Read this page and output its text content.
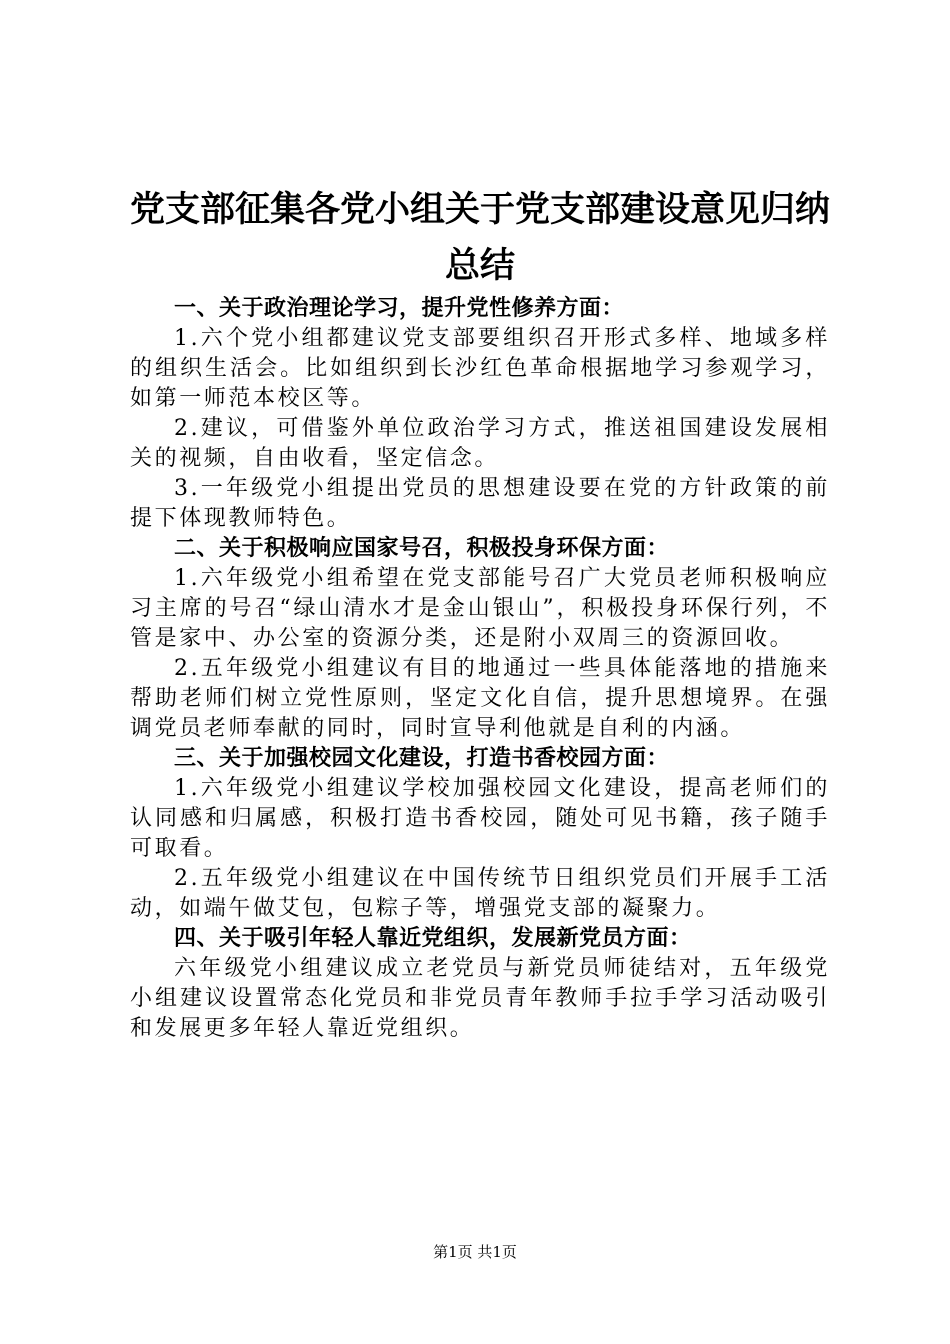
党支部征集各党小组关于党支部建设意见归纳总结

一、关于政治理论学习，提升党性修养方面：

1.六个党小组都建议党支部要组织召开形式多样、地域多样的组织生活会。比如组织到长沙红色革命根据地学习参观学习，如第一师范本校区等。

2.建议，可借鉴外单位政治学习方式，推送祖国建设发展相关的视频，自由收看，坚定信念。

3.一年级党小组提出党员的思想建设要在党的方针政策的前提下体现教师特色。

二、关于积极响应国家号召，积极投身环保方面：

1.六年级党小组希望在党支部能号召广大党员老师积极响应习主席的号召“绿山清水才是金山银山”，积极投身环保行列，不管是家中、办公室的资源分类，还是附小双周三的资源回收。

2.五年级党小组建议有目的地通过一些具体能落地的措施来帮助老师们树立党性原则，坚定文化自信，提升思想境界。在强调党员老师奉献的同时，同时宣导利他就是自利的内涵。

三、关于加强校园文化建设，打造书香校园方面：

1.六年级党小组建议学校加强校园文化建设，提高老师们的认同感和归属感，积极打造书香校园，随处可见书籍，孩子随手可取看。

2.五年级党小组建议在中国传统节日组织党员们开展手工活动，如端午做艾包，包粽子等，增强党支部的凝聚力。

四、关于吸引年轻人靠近党组织，发展新党员方面：

六年级党小组建议成立老党员与新党员师徒结对，五年级党小组建议设置常态化党员和非党员青年教师手拉手学习活动吸引和发展更多年轻人靠近党组织。

第1页 共1页
